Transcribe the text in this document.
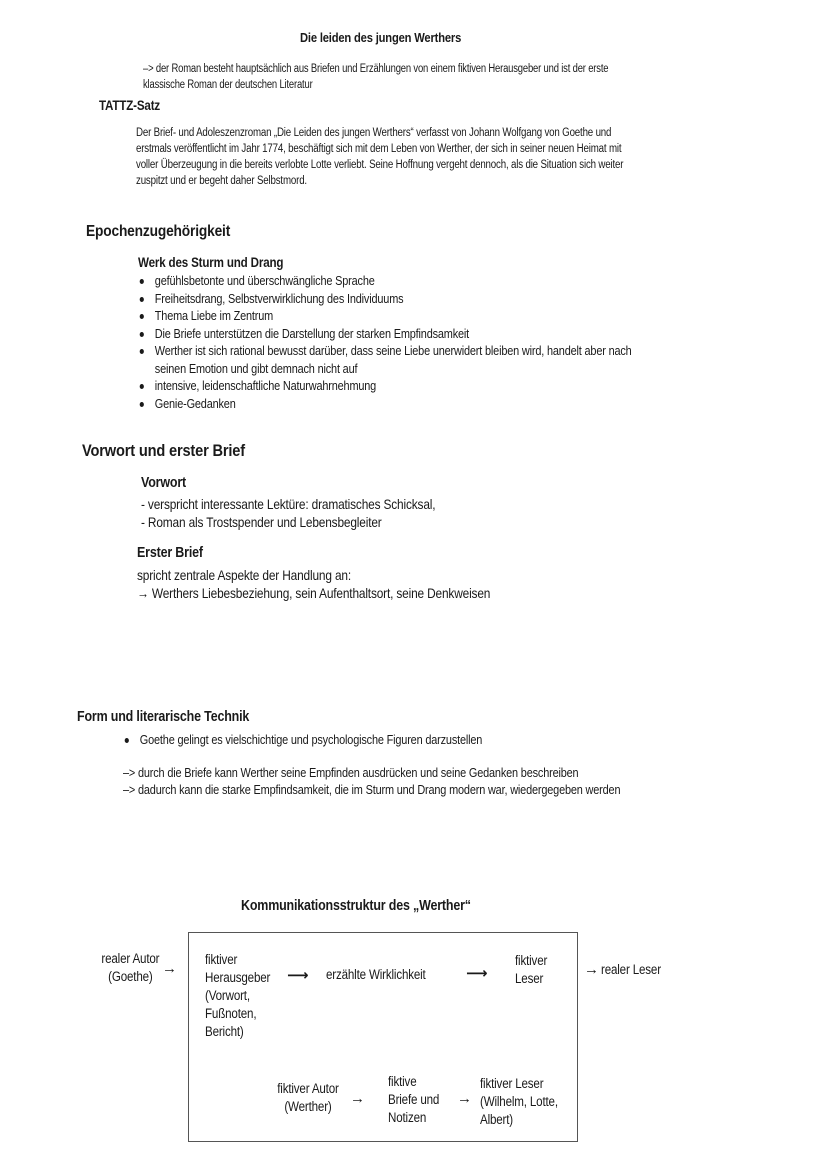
Die leiden des jungen Werthers
–> der Roman besteht hauptsächlich aus Briefen und Erzählungen von einem fiktiven Herausgeber und ist der erste
klassische Roman der deutschen Literatur
TATTZ-Satz
Der Brief- und Adoleszenzroman „Die Leiden des jungen Werthers“ verfasst von Johann Wolfgang von Goethe und
erstmals veröffentlicht im Jahr 1774, beschäftigt sich mit dem Leben von Werther, der sich in seiner neuen Heimat mit
voller Überzeugung in die bereits verlobte Lotte verliebt. Seine Hoffnung vergeht dennoch, als die Situation sich weiter
zuspitzt und er begeht daher Selbstmord.
Epochenzugehörigkeit
Werk des Sturm und Drang
gefühlsbetonte und überschwängliche Sprache
Freiheitsdrang, Selbstverwirklichung des Individuums
Thema Liebe im Zentrum
Die Briefe unterstützen die Darstellung der starken Empfindsamkeit
Werther ist sich rational bewusst darüber, dass seine Liebe unerwidert bleiben wird, handelt aber nach
seinen Emotion und gibt demnach nicht auf
intensive, leidenschaftliche Naturwahrnehmung
Genie-Gedanken
Vorwort und erster Brief
Vorwort
- verspricht interessante Lektüre: dramatisches Schicksal,
- Roman als Trostspender und Lebensbegleiter
Erster Brief
spricht zentrale Aspekte der Handlung an:
→ Werthers Liebesbeziehung, sein Aufenthaltsort, seine Denkweisen
Form und literarische Technik
Goethe gelingt es vielschichtige und psychologische Figuren darzustellen
–> durch die Briefe kann Werther seine Empfinden ausdrücken und seine Gedanken beschreiben
–> dadurch kann die starke Empfindsamkeit, die im Sturm und Drang modern war, wiedergegeben werden
Kommunikationsstruktur des „Werther“
realer Autor
(Goethe) →
fiktiver
Herausgeber
(Vorwort,
Fußnoten,
Bericht)
⟶ erzählte Wirklichkeit	⟶
fiktiver
Leser
→ realer Leser
fiktiver Autor
(Werther)	→
fiktive
Briefe und
Notizen
→
fiktiver Leser
(Wilhelm, Lotte,
Albert)
